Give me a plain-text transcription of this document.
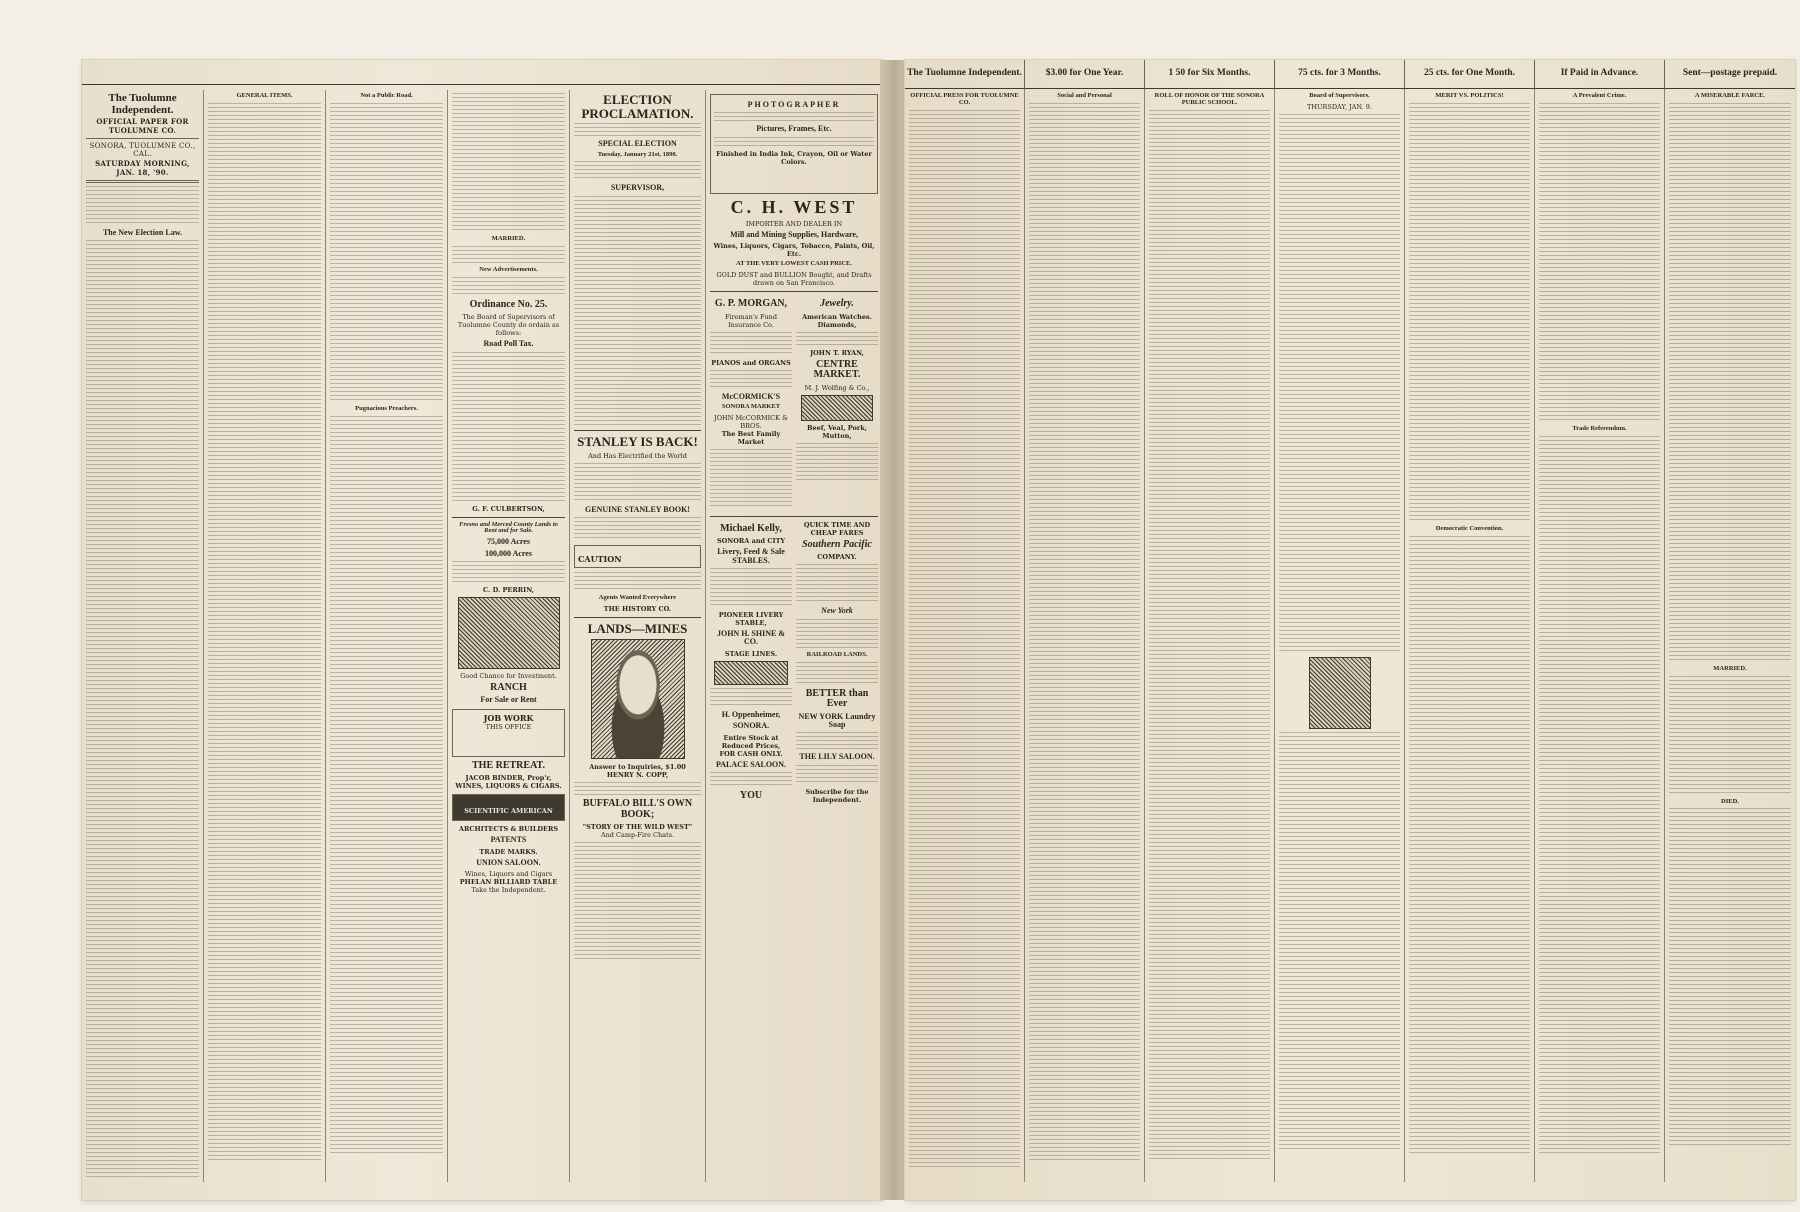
The Tuolumne Independent.
OFFICIAL PAPER FOR TUOLUMNE CO.
SONORA, TUOLUMNE CO., CAL.
SATURDAY MORNING, JAN. 18, '90.
The New Election Law.
GENERAL ITEMS.	Not a Public Road.
Pugnacious Preachers.
MARRIED.
New Advertisements.
Ordinance No. 25.
The Board of Supervisors of Tuolumne County do ordain as follows:
Road Poll Tax.
G. F. CULBERTSON,
Fresno and Merced County Lands to Rent and for Sale.
75,000 Acres
100,000 Acres
C. D. PERRIN,
Good Chance for Investment.
RANCH
For Sale or Rent
JOB WORK
THIS OFFICE
THE RETREAT.
JACOB BINDER, Prop'r,
WINES, LIQUORS & CIGARS.
SCIENTIFIC AMERICAN
ARCHITECTS & BUILDERS
PATENTS
TRADE MARKS.
UNION SALOON.
Wines, Liquors and Cigars
PHELAN BILLIARD TABLE
Take the Independent.
ELECTION PROCLAMATION.
SPECIAL ELECTION
Tuesday, January 21st, 1890.
SUPERVISOR,
STANLEY IS BACK!
And Has Electrified the World
GENUINE STANLEY BOOK!
CAUTION
Agents Wanted Everywhere
THE HISTORY CO.
LANDS—MINES
Answer to Inquiries, $1.00
HENRY N. COPP,
BUFFALO BILL'S OWN BOOK;
"STORY OF THE WILD WEST"
And Camp-Fire Chats.
PHOTOGRAPHER
Pictures, Frames, Etc.
Finished in India Ink, Crayon, Oil or Water Colors.
C. H. WEST
IMPORTER AND DEALER IN
Mill and Mining Supplies, Hardware,
Wines, Liquors, Cigars, Tobacco, Paints, Oil, Etc.
AT THE VERY LOWEST CASH PRICE.
GOLD DUST and BULLION Bought, and Drafts drawn on San Francisco.
G. P. MORGAN,
Fireman's Fund Insurance Co.
PIANOS and ORGANS
McCORMICK'S
SONORA MARKET
JOHN McCORMICK & BROS.
The Best Family Market
Jewelry.
American Watches.
Diamonds,
JOHN T. RYAN,
CENTRE MARKET.
M. J. Wolfing & Co.,
Beef, Veal, Pork, Mutton,
Michael Kelly,
SONORA and CITY
Livery, Feed & Sale STABLES.
PIONEER LIVERY STABLE,
JOHN H. SHINE & CO.
STAGE LINES.
H. Oppenheimer,
SONORA.
Entire Stock at
Reduced Prices,
FOR CASH ONLY.
PALACE SALOON.
YOU
QUICK TIME AND CHEAP FARES
Southern Pacific
COMPANY.
New York
RAILROAD LANDS.
BETTER than Ever
NEW YORK Laundry Soap
THE LILY SALOON.
Subscribe for the Independent.
The Tuolumne Independent.	$3.00 for One Year.	1 50 for Six Months.	75 cts. for 3 Months.	25 cts. for One Month.	If Paid in Advance.	Sent—postage prepaid.
OFFICIAL PRESS FOR TUOLUMNE CO.
Social and Personal	ROLL OF HONOR OF THE SONORA PUBLIC SCHOOL.
Board of Supervisors.
THURSDAY, JAN. 9.
MERIT VS. POLITICS!
Democratic Convention.
A Prevalent Crime.
Trade Referendum.
A MISERABLE FARCE.
MARRIED.
DIED.
